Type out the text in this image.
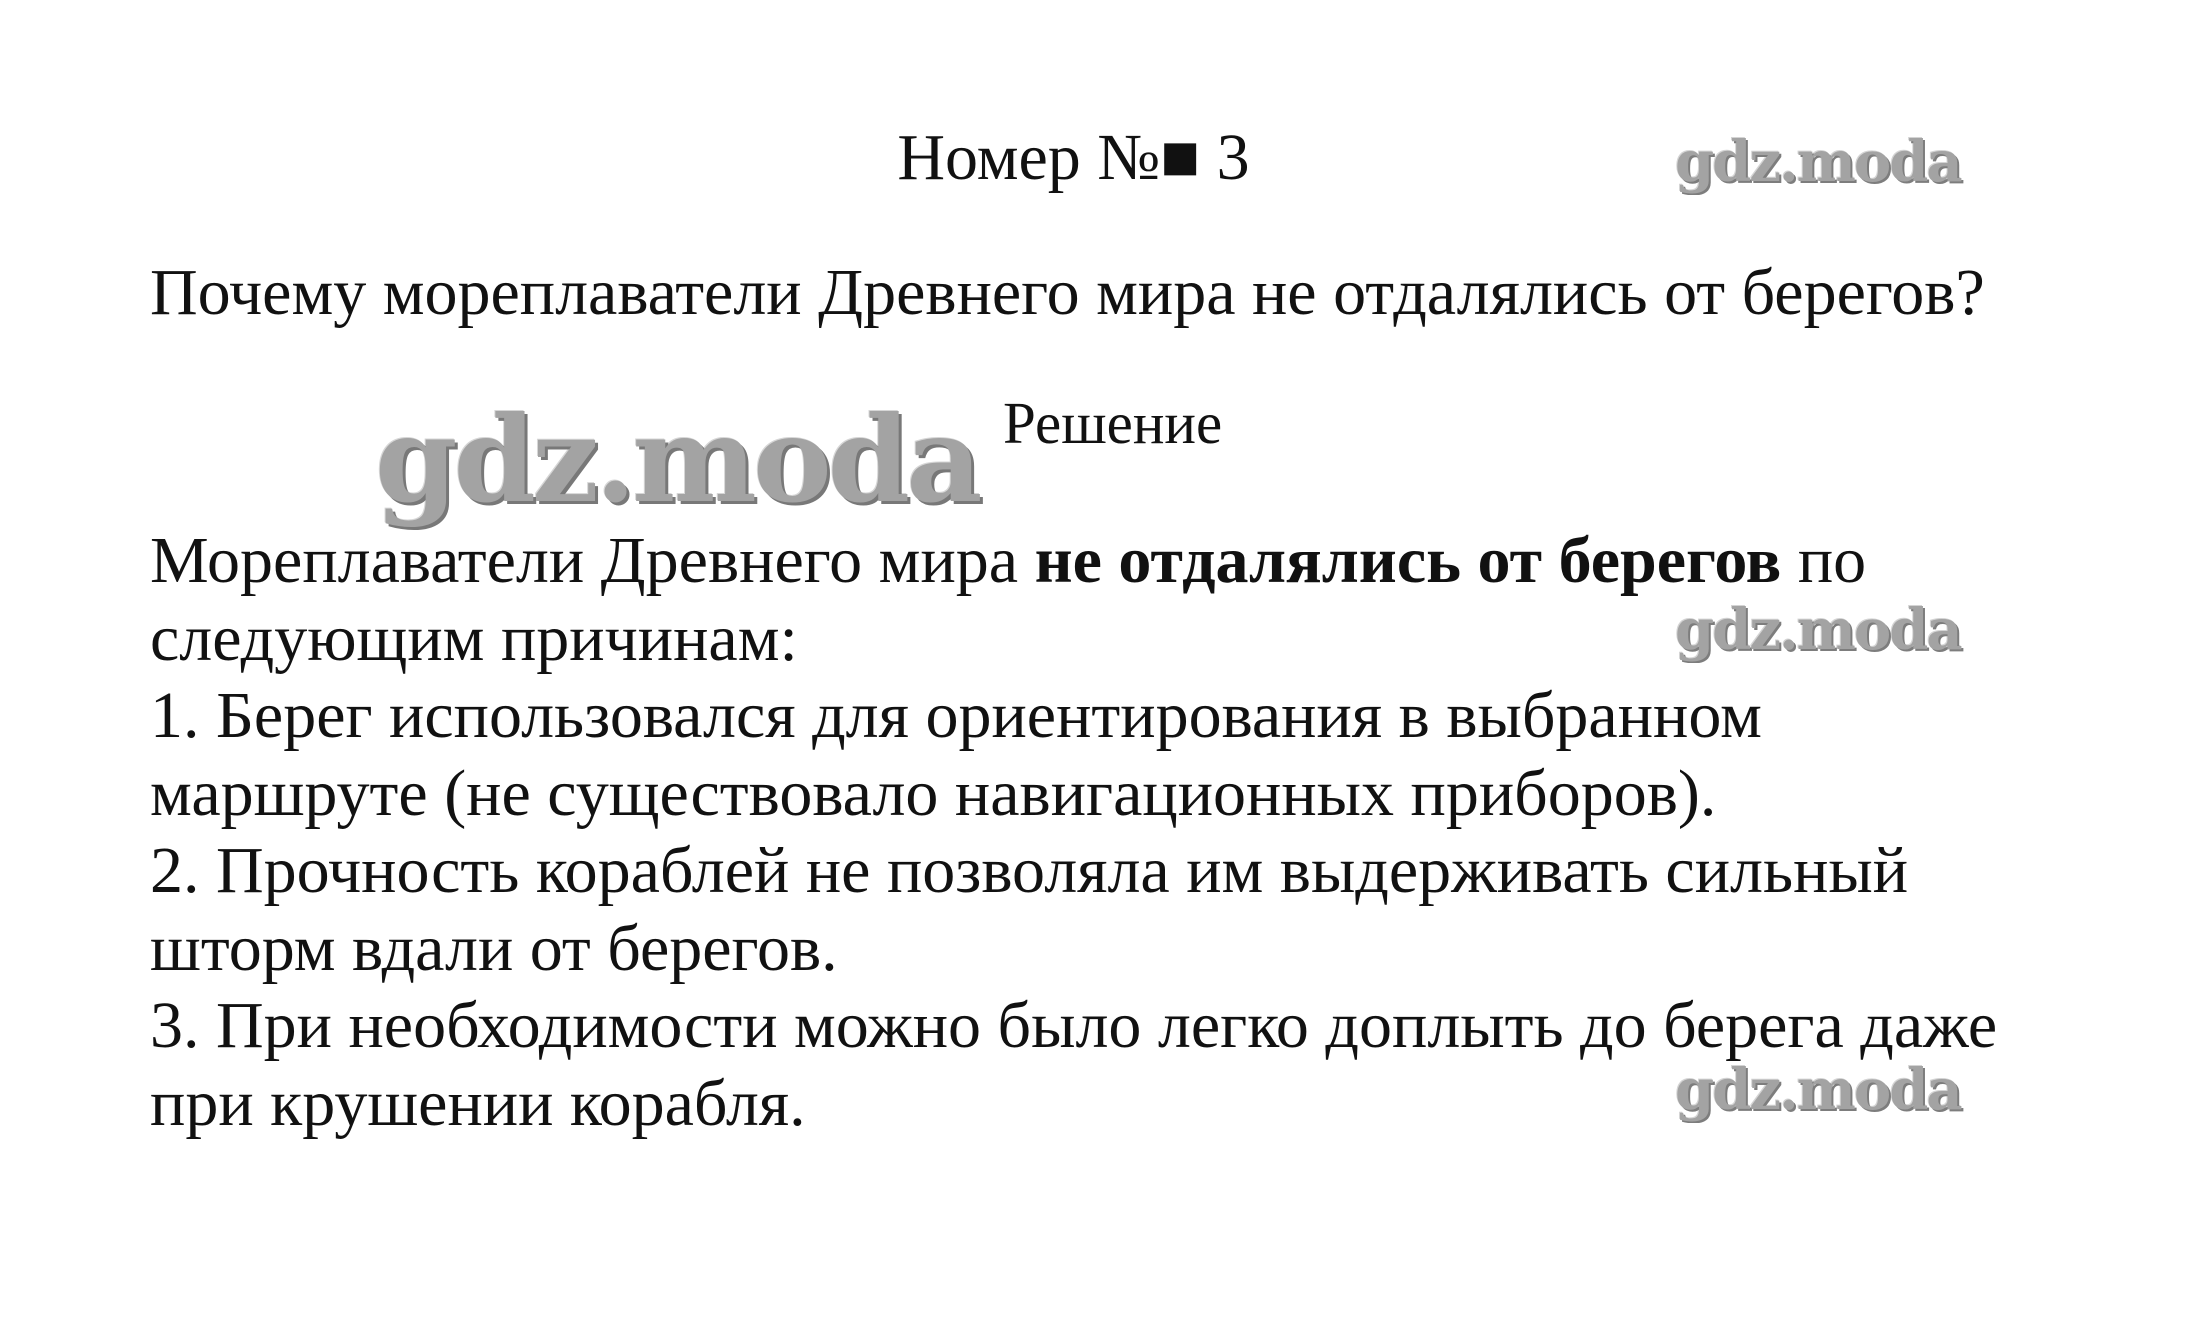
Номер №■ 3
Почему мореплаватели Древнего мира не отдалялись от берегов?
Решение

Мореплаватели Древнего мира не отдалялись от берегов по

следующим причинам:

1. Берег использовался для ориентирования в выбранном

маршруте (не существовало навигационных приборов).

2. Прочность кораблей не позволяла им выдерживать сильный

шторм вдали от берегов.

3. При необходимости можно было легко доплыть до берега даже

при крушении корабля.

gdz.moda
gdz.moda
gdz.moda
gdz.moda
